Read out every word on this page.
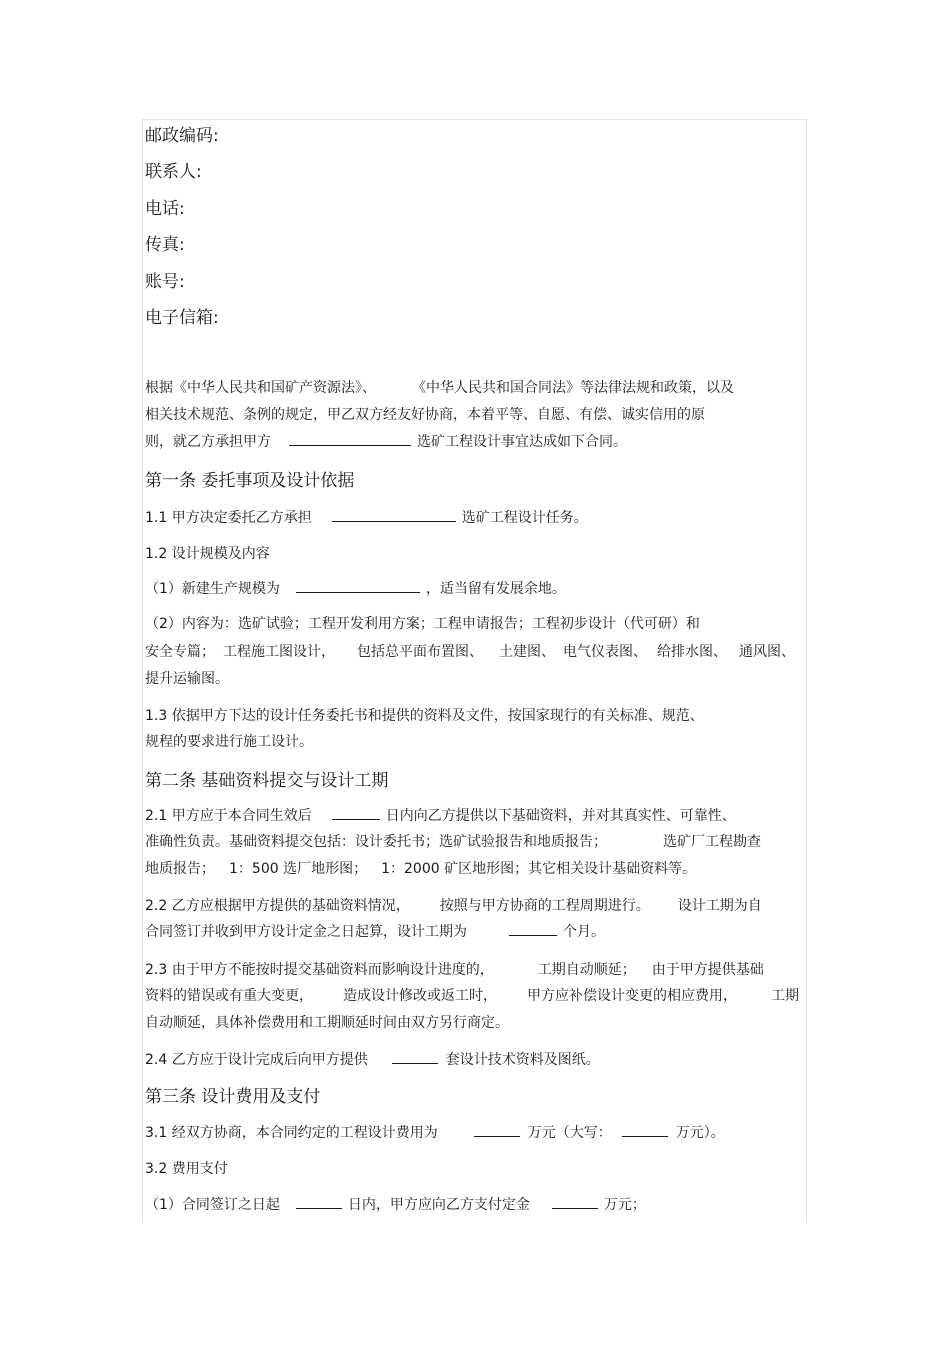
邮政编码:
联系人:
电话:
传真:
账号:
电子信箱:
根据《中华人民共和国矿产资源法》、	《中华人民共和国合同法》等法律法规和政策，以及
相关技术规范、条例的规定，甲乙双方经友好协商，本着平等、自愿、有偿、诚实信用的原
则，就乙方承担甲方	选矿工程设计事宜达成如下合同。
第一条 委托事项及设计依据
1.1 甲方决定委托乙方承担	选矿工程设计任务。
1.2 设计规模及内容
（1）新建生产规模为	，适当留有发展余地。
（2）内容为：选矿试验；工程开发利用方案；工程申请报告；工程初步设计（代可研）和
安全专篇； 工程施工图设计， 包括总平面布置图、 土建图、 电气仪表图、 给排水图、 通风图、
提升运输图。
1.3 依据甲方下达的设计任务委托书和提供的资料及文件，按国家现行的有关标准、规范、
规程的要求进行施工设计。
第二条 基础资料提交与设计工期
2.1 甲方应于本合同生效后	日内向乙方提供以下基础资料，并对其真实性、可靠性、
准确性负责。基础资料提交包括：设计委托书；选矿试验报告和地质报告；	选矿厂工程勘查
地质报告； 1：500 选厂地形图； 1：2000 矿区地形图；其它相关设计基础资料等。
2.2 乙方应根据甲方提供的基础资料情况， 按照与甲方协商的工程周期进行。 设计工期为自
合同签订并收到甲方设计定金之日起算，设计工期为	个月。
2.3 由于甲方不能按时提交基础资料而影响设计进度的，	工期自动顺延； 由于甲方提供基础
资料的错误或有重大变更， 造成设计修改或返工时， 甲方应补偿设计变更的相应费用， 工期
自动顺延，具体补偿费用和工期顺延时间由双方另行商定。
2.4 乙方应于设计完成后向甲方提供	套设计技术资料及图纸。
第三条 设计费用及支付
3.1 经双方协商，本合同约定的工程设计费用为	万元（大写：	万元）。
3.2 费用支付
（1）合同签订之日起	日内，甲方应向乙方支付定金	万元；
